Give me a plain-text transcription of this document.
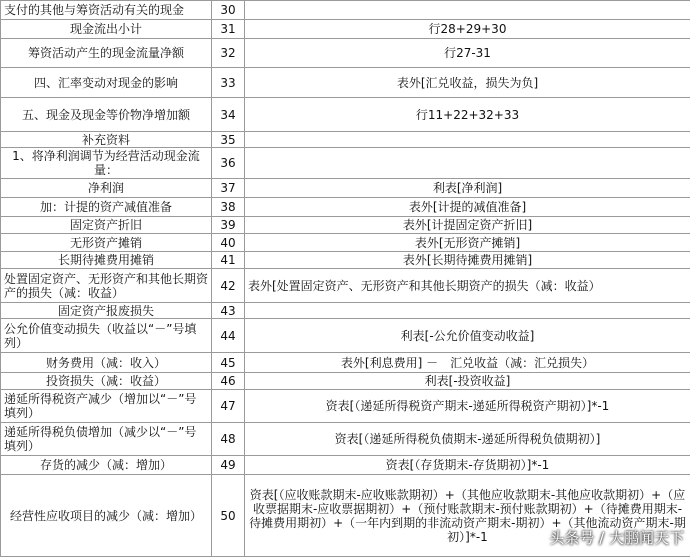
支付的其他与筹资活动有关的现金	30	
现金流出小计	31	行28+29+30
筹资活动产生的现金流量净额	32	行27-31
四、汇率变动对现金的影响	33	表外[汇兑收益，损失为负]
五、现金及现金等价物净增加额	34	行11+22+32+33
补充资料	35	
1、将净利润调节为经营活动现金流量：	36	
净利润	37	利表[净利润]
加：计提的资产减值准备	38	表外[计提的减值准备]
固定资产折旧	39	表外[计提固定资产折旧]
无形资产摊销	40	表外[无形资产摊销]
长期待摊费用摊销	41	表外[长期待摊费用摊销]
处置固定资产、无形资产和其他长期资产的损失（减：收益）	42	表外[处置固定资产、无形资产和其他长期资产的损失（减：收益）
固定资产报废损失	43	
公允价值变动损失（收益以“－”号填列）	44	利表[-公允价值变动收益]
财务费用（减：收入）	45	表外[利息费用] －　汇兑收益（减：汇兑损失）
投资损失（减：收益）	46	利表[-投资收益]
递延所得税资产减少（增加以“－”号填列）	47	资表[（递延所得税资产期末-递延所得税资产期初）]*-1
递延所得税负债增加（减少以“－”号填列）	48	资表[（递延所得税负债期末-递延所得税负债期初）]
存货的减少（减：增加）	49	资表[（存货期末-存货期初）]*-1
经营性应收项目的减少（减：增加）	50	资表[（应收账款期末-应收账款期初）+（其他应收款期末-其他应收款期初）+（应收票据期末-应收票据期初）+（预付账款期末-预付账款期初）+（待摊费用期末-待摊费用期初）+（一年内到期的非流动资产期末-期初）+（其他流动资产期末-期初）]*-1	头条号 / 大鹏闻天下
